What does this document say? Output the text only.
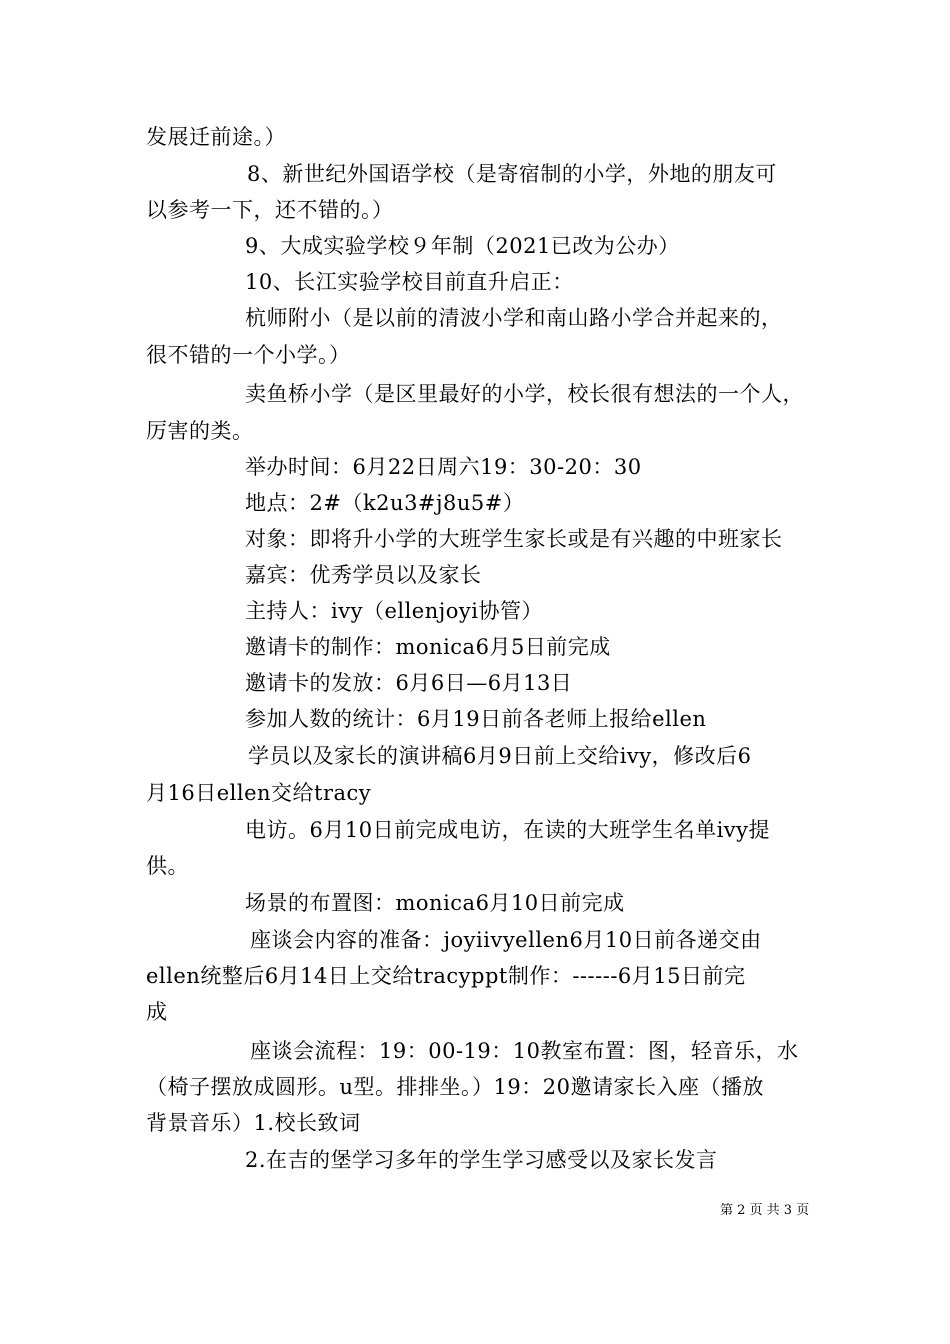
发展迁前途。）
8、新世纪外国语学校（是寄宿制的小学，外地的朋友可
以参考一下，还不错的。）
9、大成实验学校９年制（2021已改为公办）
10、长江实验学校目前直升启正：
杭师附小（是以前的清波小学和南山路小学合并起来的，
很不错的一个小学。）
卖鱼桥小学（是区里最好的小学，校长很有想法的一个人，
厉害的类。
举办时间：6月22日周六19：30-20：30
地点：2#（k2u3#j8u5#）
对象：即将升小学的大班学生家长或是有兴趣的中班家长
嘉宾：优秀学员以及家长
主持人：ivy（ellenjoyi协管）
邀请卡的制作：monica6月5日前完成
邀请卡的发放：6月6日—6月13日
参加人数的统计：6月19日前各老师上报给ellen
学员以及家长的演讲稿6月9日前上交给ivy，修改后6
月16日ellen交给tracy
电访。6月10日前完成电访，在读的大班学生名单ivy提
供。
场景的布置图：monica6月10日前完成
座谈会内容的准备：joyiivyellen6月10日前各递交由
ellen统整后6月14日上交给tracyppt制作：------6月15日前完
成
座谈会流程：19：00-19：10教室布置：图，轻音乐，水
（椅子摆放成圆形。u型。排排坐。）19：20邀请家长入座（播放
背景音乐）1.校长致词
2.在吉的堡学习多年的学生学习感受以及家长发言
第 2 页 共 3 页
